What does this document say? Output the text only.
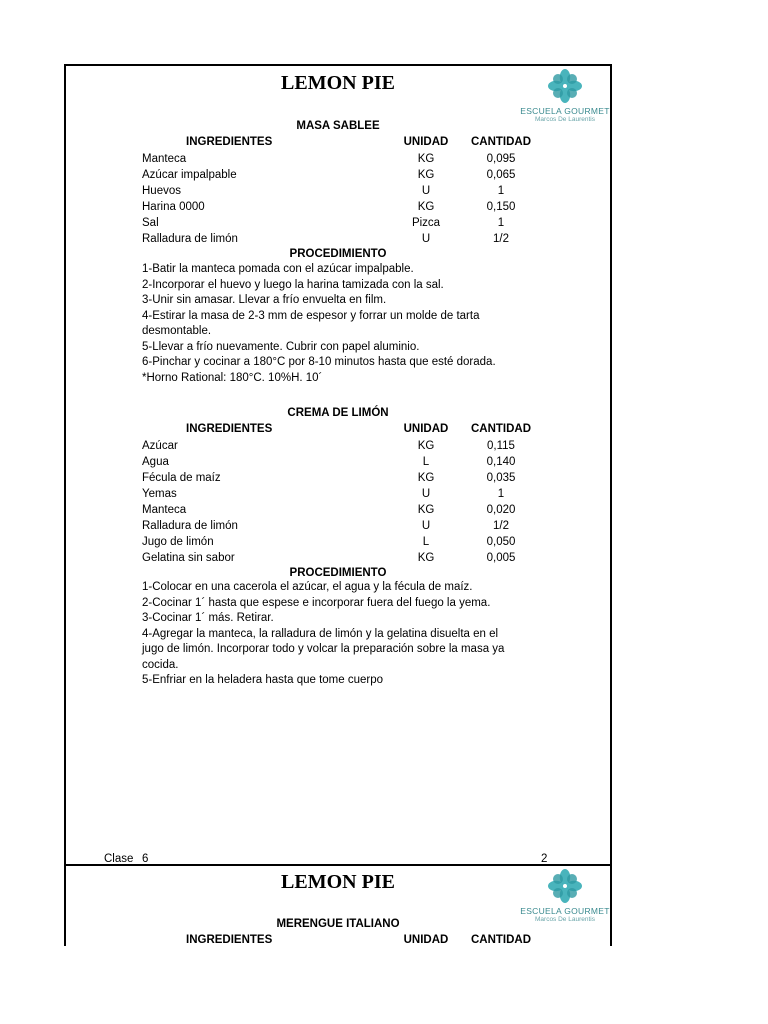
LEMON PIE
ESCUELA GOURMET
Marcos De Laurentis
MASA SABLEE
INGREDIENTES	UNIDAD	CANTIDAD
Manteca	KG	0,095
Azúcar impalpable	KG	0,065
Huevos	U	1
Harina 0000	KG	0,150
Sal	Pizca	1
Ralladura de limón	U	1/2
PROCEDIMIENTO
1-Batir la manteca pomada con el azúcar impalpable.
2-Incorporar el huevo y luego la harina tamizada con la sal.
3-Unir sin amasar. Llevar a frío envuelta en film.
4-Estirar la masa de 2-3 mm de espesor y forrar un molde de tarta desmontable.
5-Llevar a frío nuevamente. Cubrir con papel aluminio.
6-Pinchar y cocinar a 180°C por 8-10 minutos hasta que esté dorada.
*Horno Rational: 180°C. 10%H. 10´
CREMA DE LIMÓN
INGREDIENTES	UNIDAD	CANTIDAD
Azúcar	KG	0,115
Agua	L	0,140
Fécula de maíz	KG	0,035
Yemas	U	1
Manteca	KG	0,020
Ralladura de limón	U	1/2
Jugo de limón	L	0,050
Gelatina sin sabor	KG	0,005
PROCEDIMIENTO
1-Colocar en una cacerola el azúcar, el agua y la fécula de maíz.
2-Cocinar 1´ hasta que espese e incorporar fuera del fuego la yema.
3-Cocinar 1´ más. Retirar.
4-Agregar la manteca, la ralladura de limón y la gelatina disuelta en el jugo de limón. Incorporar todo y volcar la preparación sobre la masa ya cocida.
5-Enfriar en la heladera hasta que tome cuerpo
Clase 6	2
LEMON PIE
ESCUELA GOURMET
Marcos De Laurentis
MERENGUE ITALIANO
INGREDIENTES	UNIDAD	CANTIDAD
